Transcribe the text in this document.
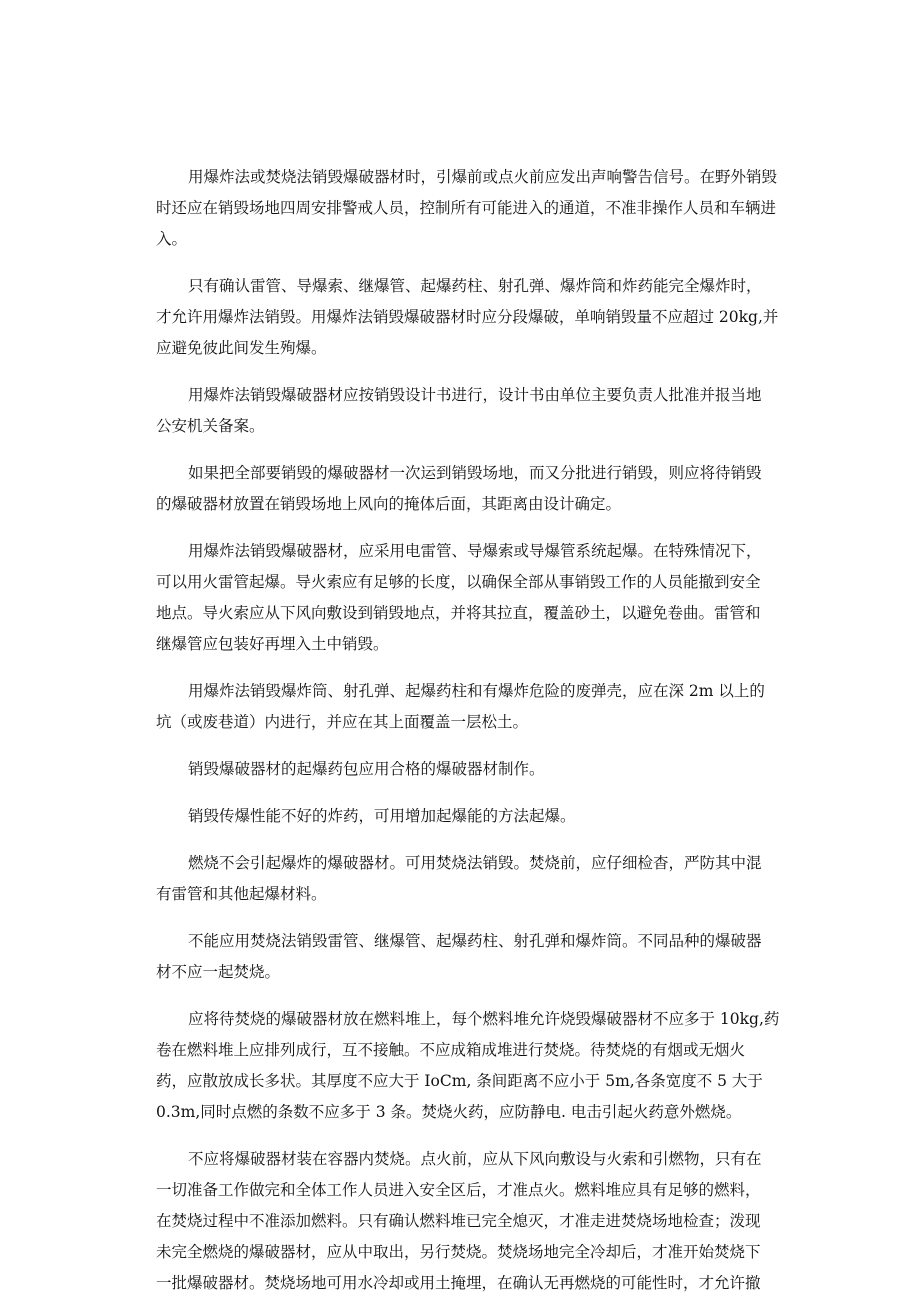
用爆炸法或焚烧法销毁爆破器材时，引爆前或点火前应发出声响警告信号。在野外销毁
时还应在销毁场地四周安排警戒人员，控制所有可能进入的通道，不准非操作人员和车辆进
入。
只有确认雷管、导爆索、继爆管、起爆药柱、射孔弹、爆炸筒和炸药能完全爆炸时，
才允许用爆炸法销毁。用爆炸法销毁爆破器材时应分段爆破，单响销毁量不应超过 20kg,并
应避免彼此间发生殉爆。
用爆炸法销毁爆破器材应按销毁设计书进行，设计书由单位主要负责人批准并报当地
公安机关备案。
如果把全部要销毁的爆破器材一次运到销毁场地，而又分批进行销毁，则应将待销毁
的爆破器材放置在销毁场地上风向的掩体后面，其距离由设计确定。
用爆炸法销毁爆破器材，应采用电雷管、导爆索或导爆管系统起爆。在特殊情况下，
可以用火雷管起爆。导火索应有足够的长度，以确保全部从事销毁工作的人员能撤到安全
地点。导火索应从下风向敷设到销毁地点，并将其拉直，覆盖砂土，以避免卷曲。雷管和
继爆管应包装好再埋入土中销毁。
用爆炸法销毁爆炸筒、射孔弹、起爆药柱和有爆炸危险的废弹壳，应在深 2m 以上的
坑（或废巷道）内进行，并应在其上面覆盖一层松土。
销毁爆破器材的起爆药包应用合格的爆破器材制作。
销毁传爆性能不好的炸药，可用增加起爆能的方法起爆。
燃烧不会引起爆炸的爆破器材。可用焚烧法销毁。焚烧前，应仔细检杳，严防其中混
有雷管和其他起爆材料。
不能应用焚烧法销毁雷管、继爆管、起爆药柱、射孔弹和爆炸筒。不同品种的爆破器
材不应一起焚烧。
应将待焚烧的爆破器材放在燃料堆上，每个燃料堆允许烧毁爆破器材不应多于 10kg,药
卷在燃料堆上应排列成行，互不接触。不应成箱成堆进行焚烧。待焚烧的有烟或无烟火
药，应散放成长多状。其厚度不应大于 IoCm, 条间距离不应小于 5m,各条宽度不 5 大于
0.3m,同时点燃的条数不应多于 3 条。焚烧火药，应防静电. 电击引起火药意外燃烧。
不应将爆破器材装在容器内焚烧。点火前，应从下风向敷设与火索和引燃物，只有在
一切准备工作做完和全体工作人员进入安全区后，才准点火。燃料堆应具有足够的燃料，
在焚烧过程中不准添加燃料。只有确认燃料堆已完全熄灭，才准走进焚烧场地检查；泼现
未完全燃烧的爆破器材，应从中取出，另行焚烧。焚烧场地完全冷却后，才准开始焚烧下
一批爆破器材。焚烧场地可用水冷却或用土掩埋，在确认无再燃烧的可能性时，才允许撤
